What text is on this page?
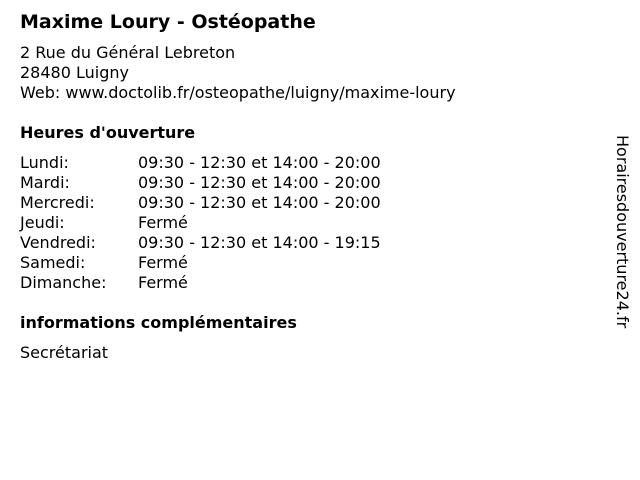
Maxime Loury - Ostéopathe
2 Rue du Général Lebreton
28480 Luigny
Web: www.doctolib.fr/osteopathe/luigny/maxime-loury
Heures d'ouverture
Lundi:	09:30 - 12:30 et 14:00 - 20:00
Mardi:	09:30 - 12:30 et 14:00 - 20:00
Mercredi:	09:30 - 12:30 et 14:00 - 20:00
Jeudi:	Fermé
Vendredi:	09:30 - 12:30 et 14:00 - 19:15
Samedi:	Fermé
Dimanche:	Fermé
informations complémentaires
Secrétariat
Horairesdouverture24.fr
